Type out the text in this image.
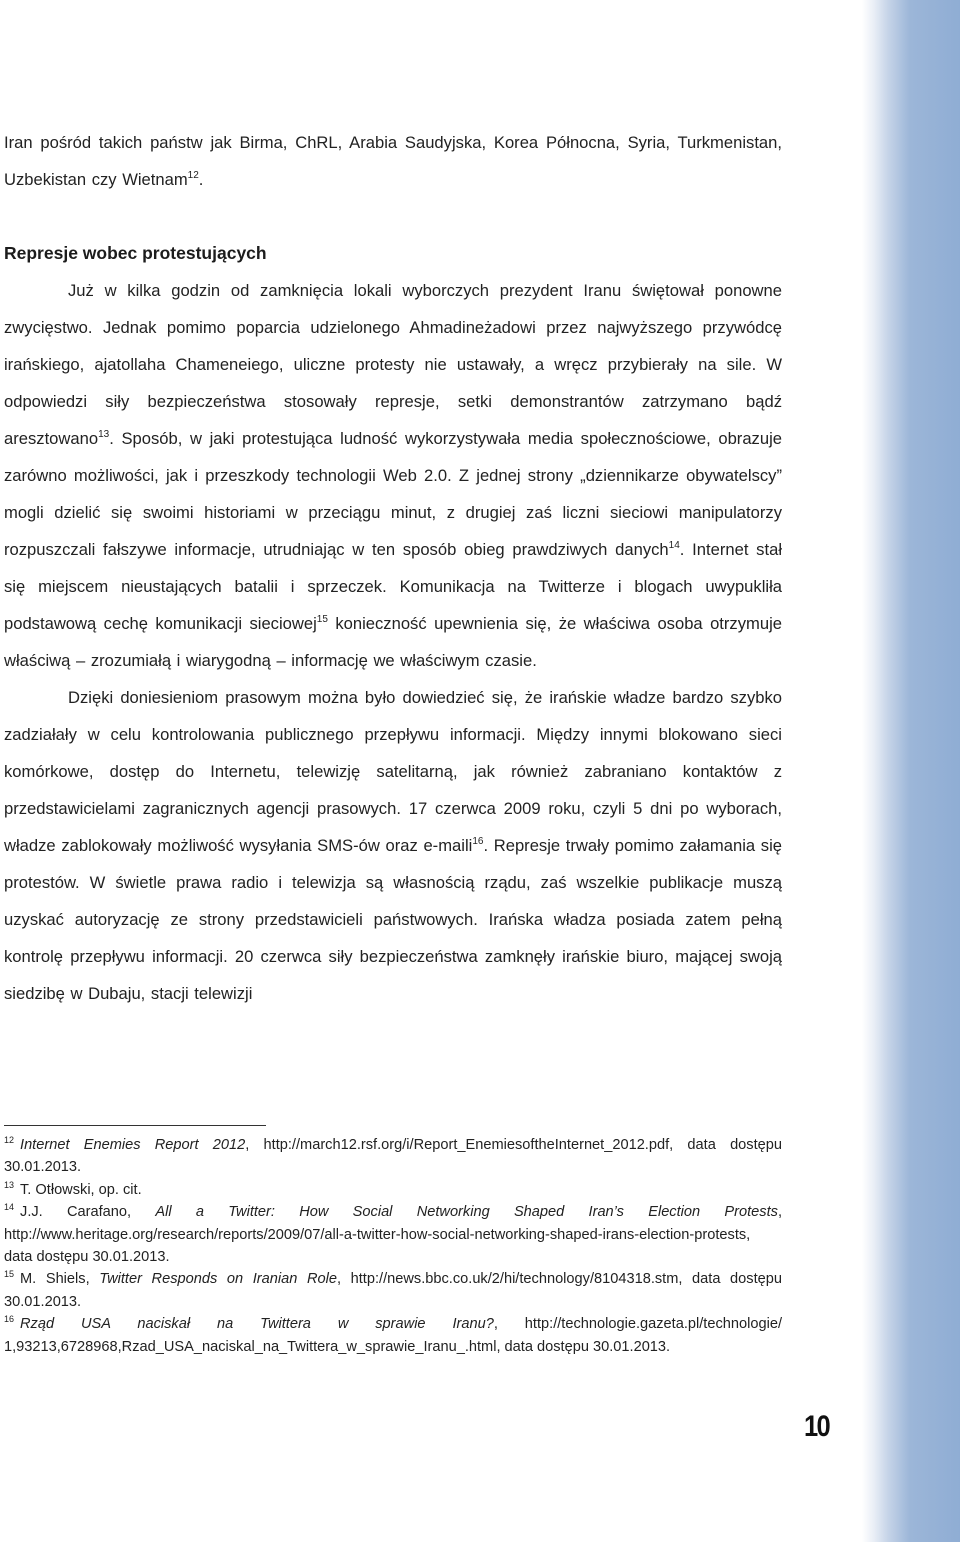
Iran pośród takich państw jak Birma, ChRL, Arabia Saudyjska, Korea Północna, Syria, Turkmenistan, Uzbekistan czy Wietnam$^{12}$.

Represje wobec protestujących

Już w kilka godzin od zamknięcia lokali wyborczych prezydent Iranu świętował ponowne zwycięstwo. Jednak pomimo poparcia udzielonego Ahmadineżadowi przez najwyższego przywódcę irańskiego, ajatollaha Chameneiego, uliczne protesty nie ustawały, a wręcz przybierały na sile. W odpowiedzi siły bezpieczeństwa stosowały represje, setki demonstrantów zatrzymano bądź aresztowano$^{13}$. Sposób, w jaki protestująca ludność wykorzystywała media społecznościowe, obrazuje zarówno możliwości, jak i przeszkody technologii Web 2.0. Z jednej strony „dziennikarze obywatelscy” mogli dzielić się swoimi historiami w przeciągu minut, z drugiej zaś liczni sieciowi manipulatorzy rozpuszczali fałszywe informacje, utrudniając w ten sposób obieg prawdziwych danych$^{14}$. Internet stał się miejscem nieustających batalii i sprzeczek. Komunikacja na Twitterze i blogach uwypukliła podstawową cechę komunikacji sieciowej$^{15}$ konieczność upewnienia się, że właściwa osoba otrzymuje właściwą – zrozumiałą i wiarygodną – informację we właściwym czasie.

Dzięki doniesieniom prasowym można było dowiedzieć się, że irańskie władze bardzo szybko zadziałały w celu kontrolowania publicznego przepływu informacji. Między innymi blokowano sieci komórkowe, dostęp do Internetu, telewizję satelitarną, jak również zabraniano kontaktów z przedstawicielami zagranicznych agencji prasowych. 17 czerwca 2009 roku, czyli 5 dni po wyborach, władze zablokowały możliwość wysyłania SMS-ów oraz e-maili$^{16}$. Represje trwały pomimo załamania się protestów. W świetle prawa radio i telewizja są własnością rządu, zaś wszelkie publikacje muszą uzyskać autoryzację ze strony przedstawicieli państwowych. Irańska władza posiada zatem pełną kontrolę przepływu informacji. 20 czerwca siły bezpieczeństwa zamknęły irańskie biuro, mającej swoją siedzibę w Dubaju, stacji telewizji

$^{12}$ Internet Enemies Report 2012, http://march12.rsf.org/i/Report_EnemiesoftheInternet_2012.pdf, data dostępu 30.01.2013.

$^{13}$ T. Otłowski, op. cit.

$^{14}$ J.J. Carafano, All a Twitter: How Social Networking Shaped Iran’s Election Protests, http://www.heritage.org/research/reports/2009/07/all-a-twitter-how-social-networking-shaped-irans-election-protests, data dostępu 30.01.2013.

$^{15}$ M. Shiels, Twitter Responds on Iranian Role, http://news.bbc.co.uk/2/hi/technology/8104318.stm, data dostępu 30.01.2013.

$^{16}$ Rząd USA naciskał na Twittera w sprawie Iranu?, http://technologie.gazeta.pl/technologie/ 1,93213,6728968,Rzad_USA_naciskal_na_Twittera_w_sprawie_Iranu_.html, data dostępu 30.01.2013.

10
